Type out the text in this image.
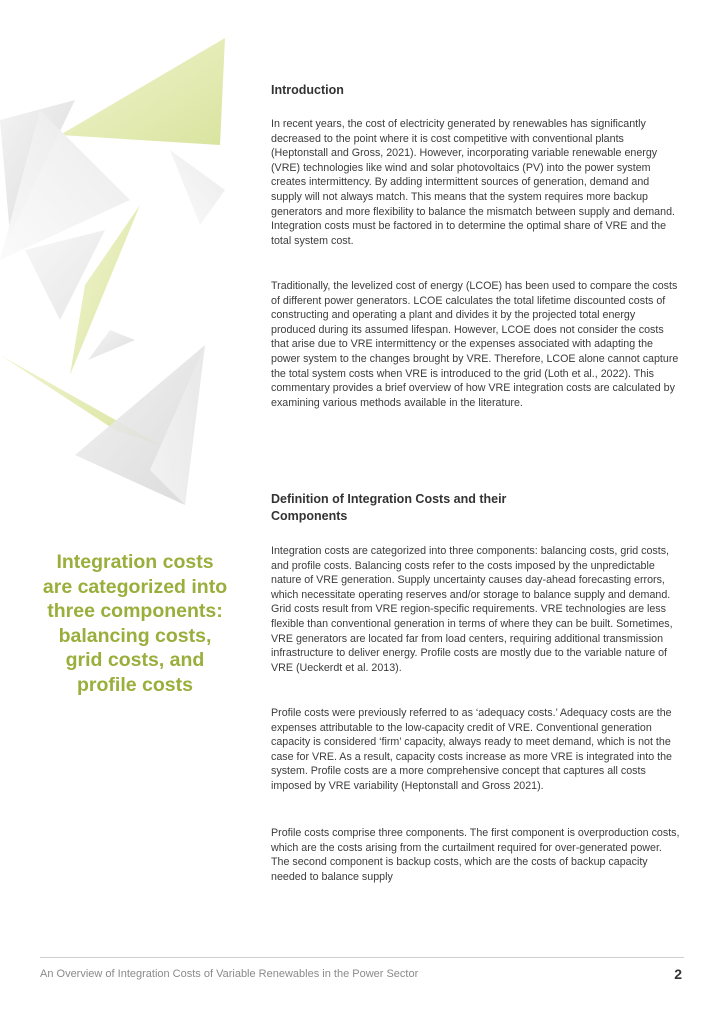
Introduction

In recent years, the cost of electricity generated by renewables has significantly decreased to the point where it is cost competitive with conventional plants (Heptonstall and Gross, 2021). However, incorporating variable renewable energy (VRE) technologies like wind and solar photovoltaics (PV) into the power system creates intermittency. By adding intermittent sources of generation, demand and supply will not always match. This means that the system requires more backup generators and more flexibility to balance the mismatch between supply and demand. Integration costs must be factored in to determine the optimal share of VRE and the total system cost.

Traditionally, the levelized cost of energy (LCOE) has been used to compare the costs of different power generators. LCOE calculates the total lifetime discounted costs of constructing and operating a plant and divides it by the projected total energy produced during its assumed lifespan. However, LCOE does not consider the costs that arise due to VRE intermittency or the expenses associated with adapting the power system to the changes brought by VRE. Therefore, LCOE alone cannot capture the total system costs when VRE is introduced to the grid (Loth et al., 2022). This commentary provides a brief overview of how VRE integration costs are calculated by examining various methods available in the literature.

Definition of Integration Costs and their Components

Integration costs are categorized into three components: balancing costs, grid costs, and profile costs. Balancing costs refer to the costs imposed by the unpredictable nature of VRE generation. Supply uncertainty causes day-ahead forecasting errors, which necessitate operating reserves and/or storage to balance supply and demand. Grid costs result from VRE region-specific requirements. VRE technologies are less flexible than conventional generation in terms of where they can be built. Sometimes, VRE generators are located far from load centers, requiring additional transmission infrastructure to deliver energy. Profile costs are mostly due to the variable nature of VRE (Ueckerdt et al. 2013).

Profile costs were previously referred to as ‘adequacy costs.’ Adequacy costs are the expenses attributable to the low-capacity credit of VRE. Conventional generation capacity is considered ‘firm’ capacity, always ready to meet demand, which is not the case for VRE. As a result, capacity costs increase as more VRE is integrated into the system. Profile costs are a more comprehensive concept that captures all costs imposed by VRE variability (Heptonstall and Gross 2021).

Profile costs comprise three components. The first component is overproduction costs, which are the costs arising from the curtailment required for over-generated power. The second component is backup costs, which are the costs of backup capacity needed to balance supply

Integration costs are categorized into three components: balancing costs, grid costs, and profile costs
An Overview of Integration Costs of Variable Renewables in the Power Sector	2
